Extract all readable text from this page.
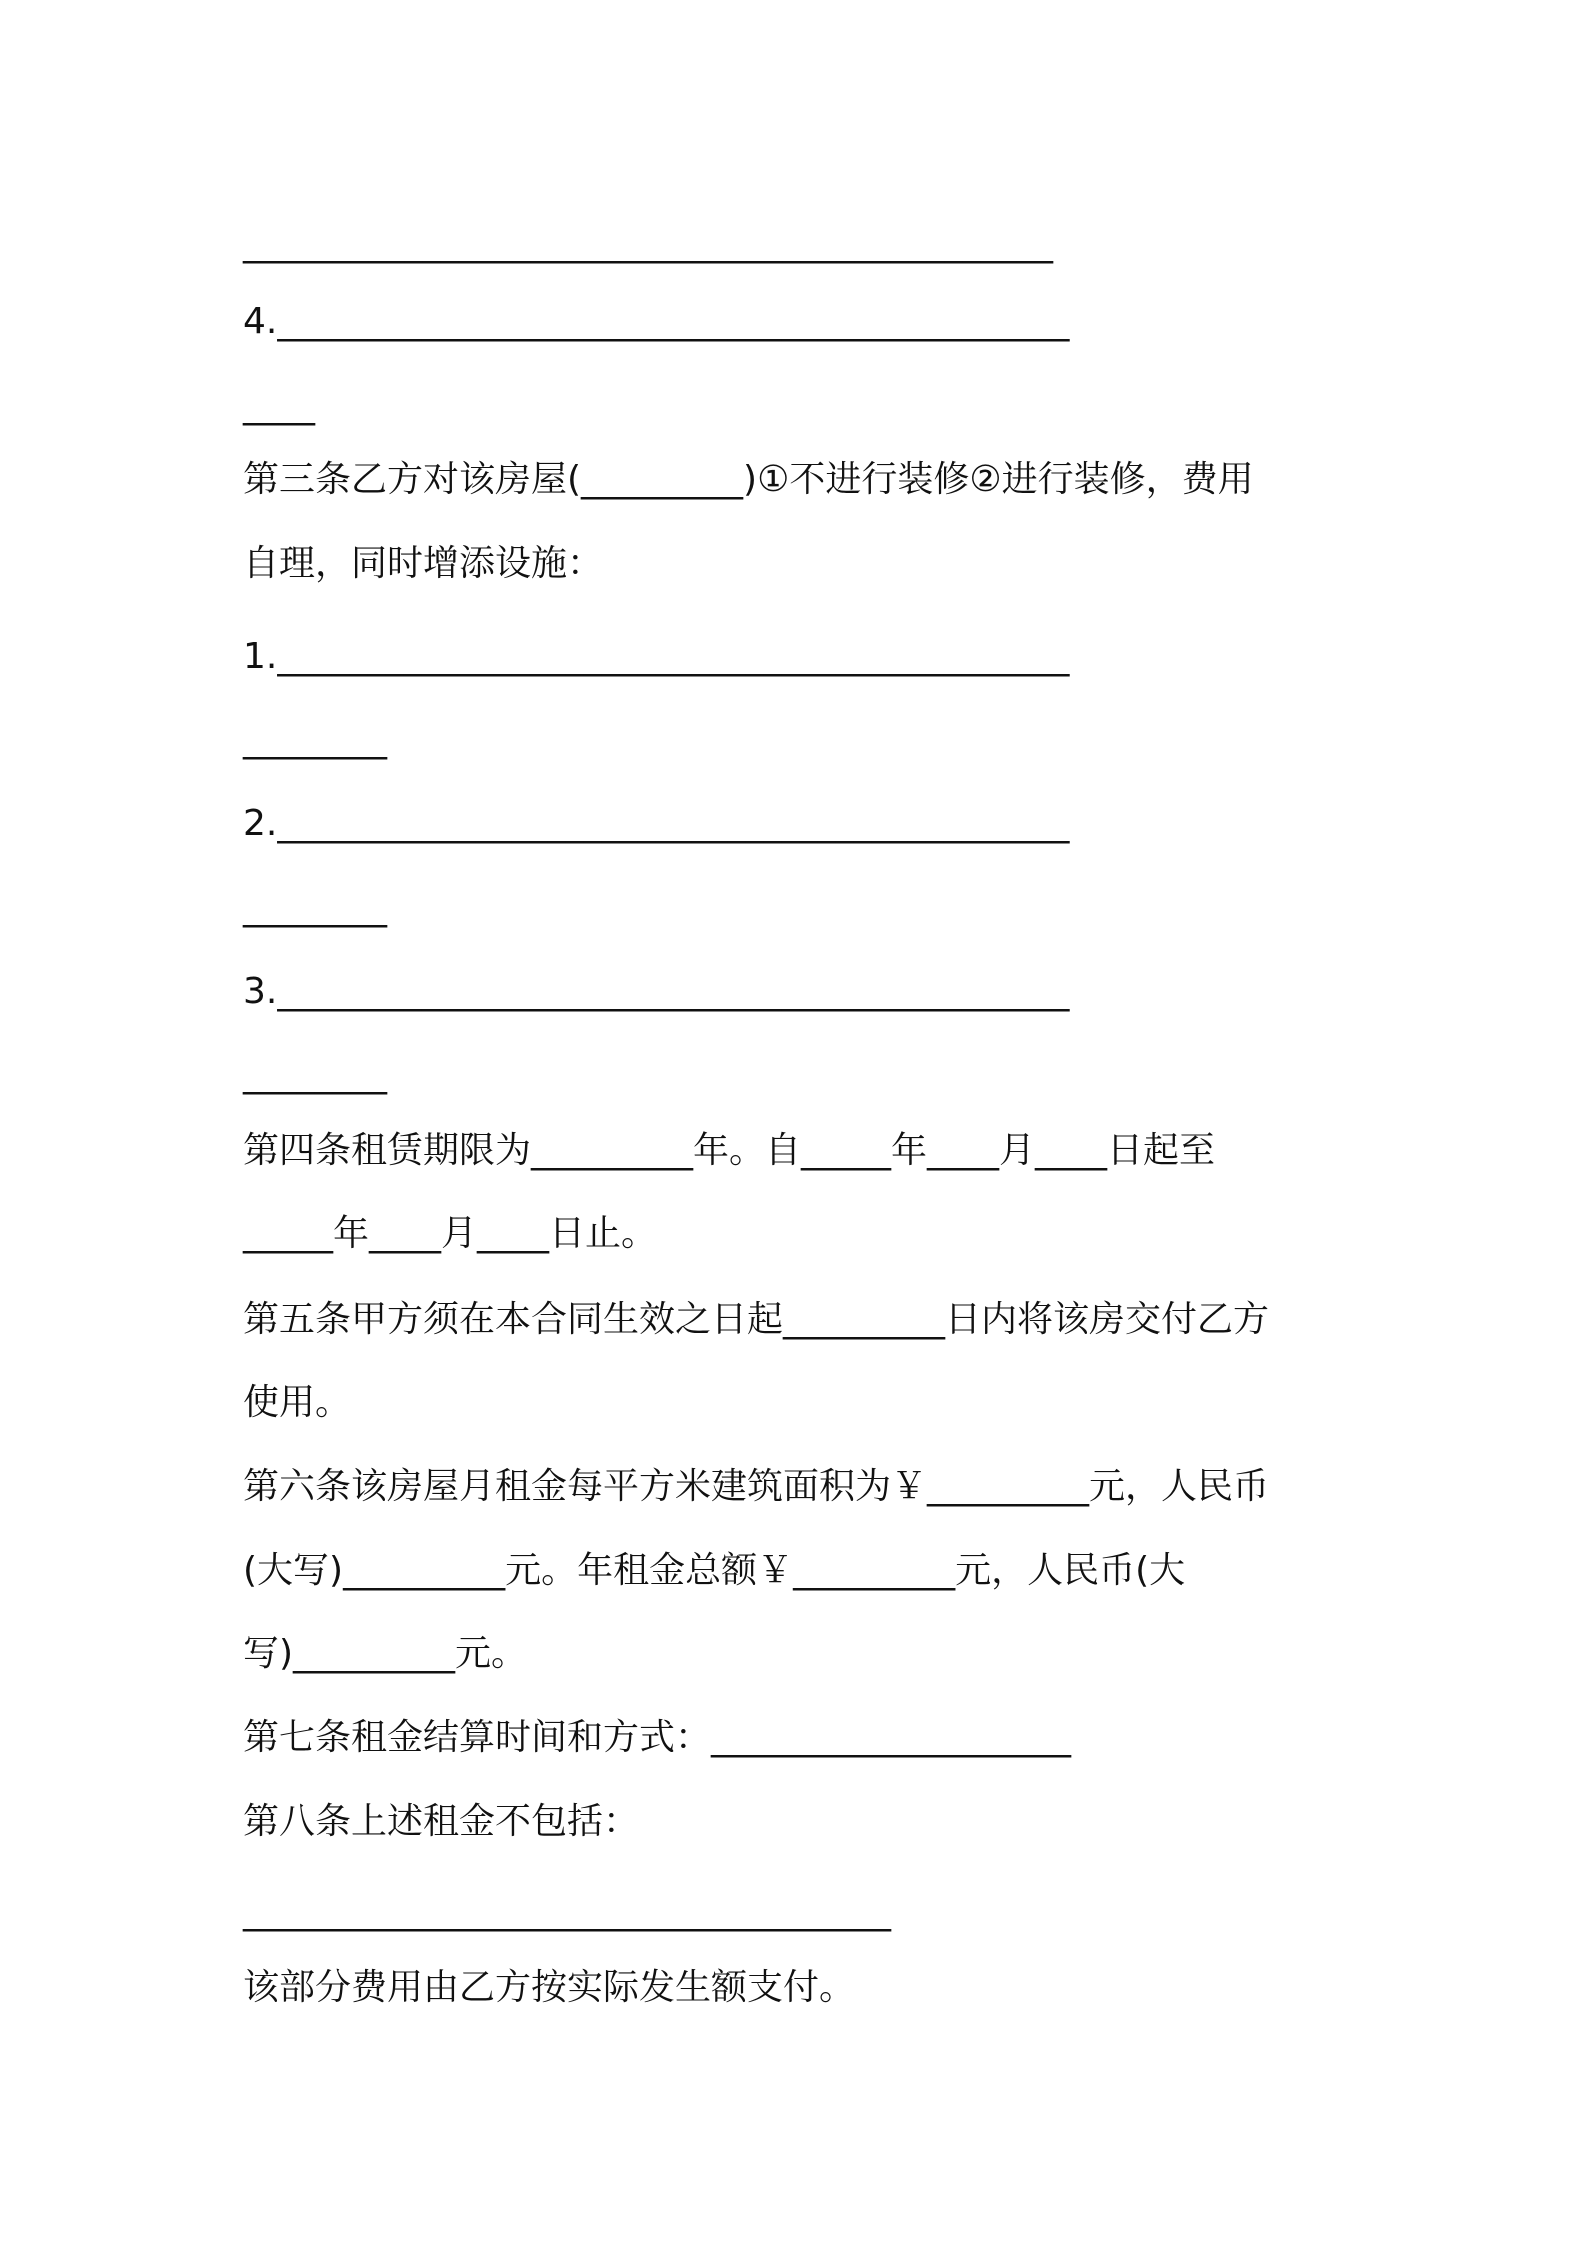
_____________________________________________
4.____________________________________________
____
第三条乙方对该房屋(_________)①不进行装修②进行装修，费用
自理，同时增添设施：
1.____________________________________________
________
2.____________________________________________
________
3.____________________________________________
________
第四条租赁期限为_________年。自_____年____月____日起至
_____年____月____日止。
第五条甲方须在本合同生效之日起_________日内将该房交付乙方
使用。
第六条该房屋月租金每平方米建筑面积为￥_________元，人民币
(大写)_________元。年租金总额￥_________元，人民币(大
写)_________元。
第七条租金结算时间和方式：____________________
第八条上述租金不包括：
____________________________________
该部分费用由乙方按实际发生额支付。
